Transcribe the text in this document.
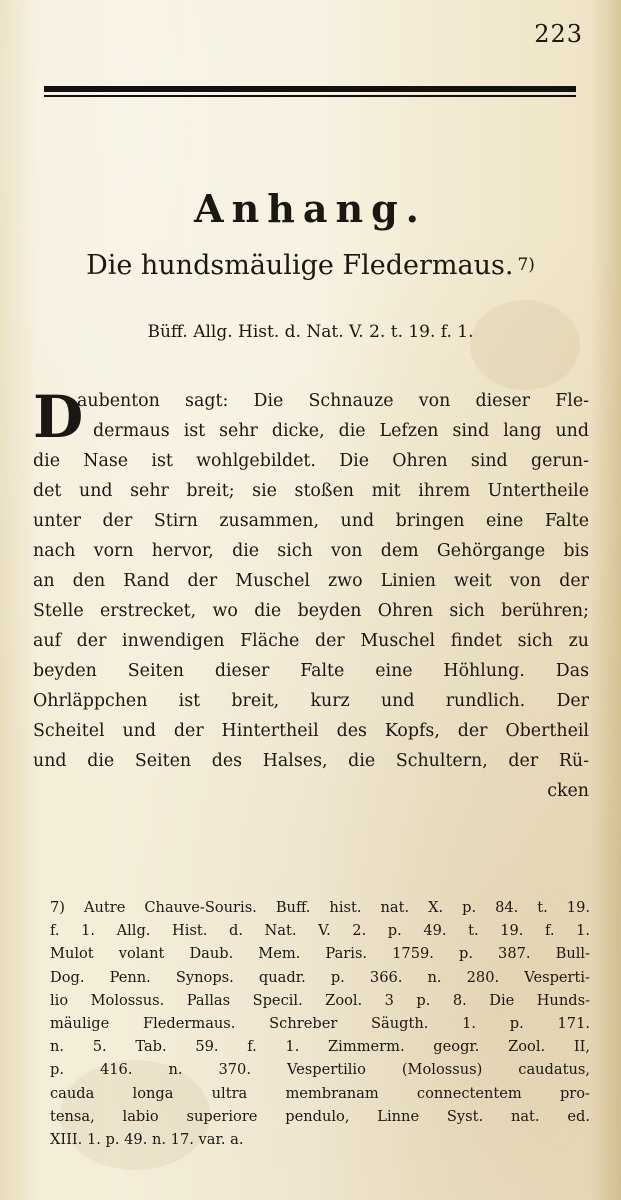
223
Anhang.
Die hundsmäulige Fledermaus. 7)
Büff. Allg. Hist. d. Nat. V. 2. t. 19. f. 1.
D
aubenton sagt: Die Schnauze von dieser Fle-
dermaus ist sehr dicke, die Lefzen sind lang und
die Nase ist wohlgebildet. Die Ohren sind gerun-
det und sehr breit; sie stoßen mit ihrem Untertheile
unter der Stirn zusammen, und bringen eine Falte
nach vorn hervor, die sich von dem Gehörgange bis
an den Rand der Muschel zwo Linien weit von der
Stelle erstrecket, wo die beyden Ohren sich berühren;
auf der inwendigen Fläche der Muschel findet sich zu
beyden Seiten dieser Falte eine Höhlung. Das
Ohrläppchen ist breit, kurz und rundlich. Der
Scheitel und der Hintertheil des Kopfs, der Obertheil
und die Seiten des Halses, die Schultern, der Rü-
cken
7) Autre Chauve-Souris. Buff. hist. nat. X. p. 84. t. 19.
f. 1. Allg. Hist. d. Nat. V. 2. p. 49. t. 19. f. 1.
Mulot volant Daub. Mem. Paris. 1759. p. 387. Bull-
Dog. Penn. Synops. quadr. p. 366. n. 280. Vesperti-
lio Molossus. Pallas Specil. Zool. 3 p. 8. Die Hunds-
mäulige Fledermaus. Schreber Säugth. 1. p. 171.
n. 5. Tab. 59. f. 1. Zimmerm. geogr. Zool. II,
p. 416. n. 370. Vespertilio (Molossus) caudatus,
cauda longa ultra membranam connectentem pro-
tensa, labio superiore pendulo, Linne Syst. nat. ed.
XIII. 1. p. 49. n. 17. var. a.
